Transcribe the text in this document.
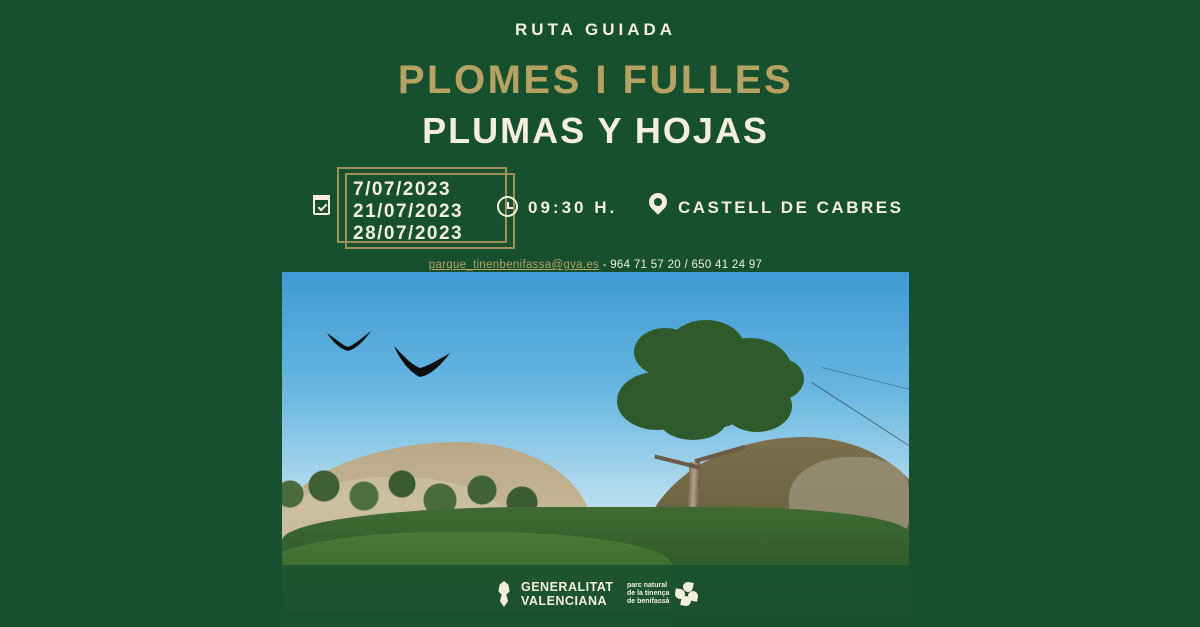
RUTA GUIADA
PLOMES I FULLES
PLUMAS Y HOJAS
7/07/2023
21/07/2023
28/07/2023
09:30 H.	CASTELL DE CABRES
parque_tinenbenifassa@gva.es - 964 71 57 20 / 650 41 24 97
GENERALITAT
VALENCIANA
parc natural
de la tinença
de benifassà
